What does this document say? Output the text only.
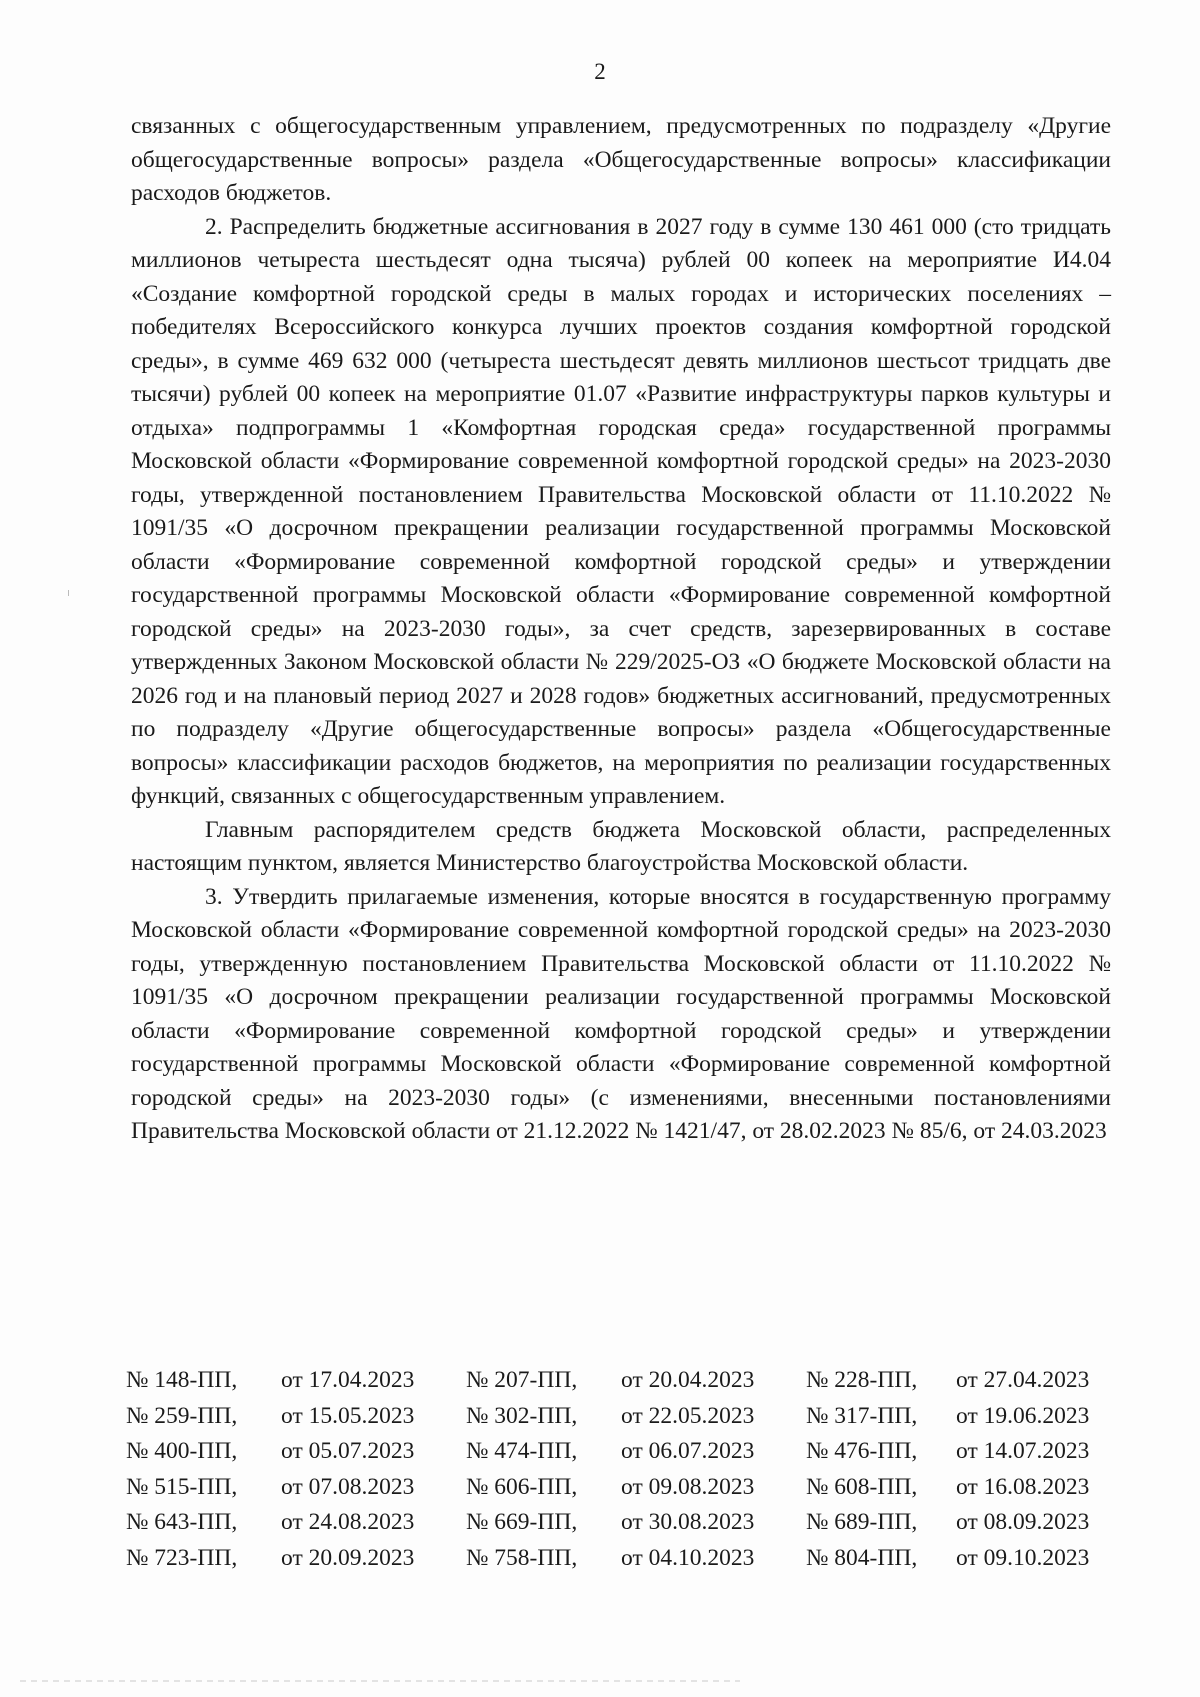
2

связанных с общегосударственным управлением, предусмотренных по подразделу «Другие общегосударственные вопросы» раздела «Общегосударственные вопросы» классификации расходов бюджетов.

2. Распределить бюджетные ассигнования в 2027 году в сумме 130 461 000 (сто тридцать миллионов четыреста шестьдесят одна тысяча) рублей 00 копеек на мероприятие И4.04 «Создание комфортной городской среды в малых городах и исторических поселениях – победителях Всероссийского конкурса лучших проектов создания комфортной городской среды», в сумме 469 632 000 (четыреста шестьдесят девять миллионов шестьсот тридцать две тысячи) рублей 00 копеек на мероприятие 01.07 «Развитие инфраструктуры парков культуры и отдыха» подпрограммы 1 «Комфортная городская среда» государственной программы Московской области «Формирование современной комфортной городской среды» на 2023-2030 годы, утвержденной постановлением Правительства Московской области от 11.10.2022 № 1091/35 «О досрочном прекращении реализации государственной программы Московской области «Формирование современной комфортной городской среды» и утверждении государственной программы Московской области «Формирование современной комфортной городской среды» на 2023-2030 годы», за счет средств, зарезервированных в составе утвержденных Законом Московской области № 229/2025-ОЗ «О бюджете Московской области на 2026 год и на плановый период 2027 и 2028 годов» бюджетных ассигнований, предусмотренных по подразделу «Другие общегосударственные вопросы» раздела «Общегосударственные вопросы» классификации расходов бюджетов, на мероприятия по реализации государственных функций, связанных с общегосударственным управлением.

Главным распорядителем средств бюджета Московской области, распределенных настоящим пунктом, является Министерство благоустройства Московской области.

3. Утвердить прилагаемые изменения, которые вносятся в государственную программу Московской области «Формирование современной комфортной городской среды» на 2023-2030 годы, утвержденную постановлением Правительства Московской области от 11.10.2022 № 1091/35 «О досрочном прекращении реализации государственной программы Московской области «Формирование современной комфортной городской среды» и утверждении государственной программы Московской области «Формирование современной комфортной городской среды» на 2023-2030 годы» (с изменениями, внесенными постановлениями Правительства Московской области от 21.12.2022 № 1421/47, от 28.02.2023 № 85/6, от 24.03.2023

№ 148-ПП, от 17.04.2023 № 207-ПП, от 20.04.2023 № 228-ПП, от 27.04.2023
№ 259-ПП, от 15.05.2023 № 302-ПП, от 22.05.2023 № 317-ПП, от 19.06.2023
№ 400-ПП, от 05.07.2023 № 474-ПП, от 06.07.2023 № 476-ПП, от 14.07.2023
№ 515-ПП, от 07.08.2023 № 606-ПП, от 09.08.2023 № 608-ПП, от 16.08.2023
№ 643-ПП, от 24.08.2023 № 669-ПП, от 30.08.2023 № 689-ПП, от 08.09.2023
№ 723-ПП, от 20.09.2023 № 758-ПП, от 04.10.2023 № 804-ПП, от 09.10.2023
